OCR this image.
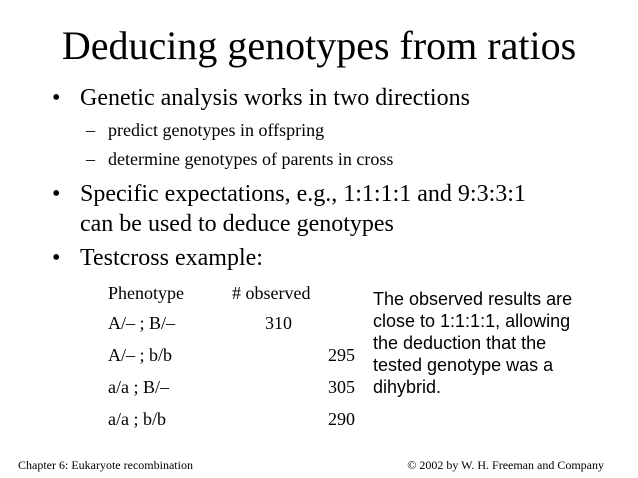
Deducing genotypes from ratios
• Genetic analysis works in two directions
– predict genotypes in offspring
– determine genotypes of parents in cross
• Specific expectations, e.g., 1:1:1:1 and 9:3:3:1
can be used to deduce genotypes
• Testcross example:
Phenotype	# observed
A/– ; B/–	310
A/– ; b/b	295
a/a ; B/–	305
a/a ; b/b	290
The observed results are
close to 1:1:1:1, allowing
the deduction that the
tested genotype was a
dihybrid.
Chapter 6: Eukaryote recombination	© 2002 by W. H. Freeman and Company
